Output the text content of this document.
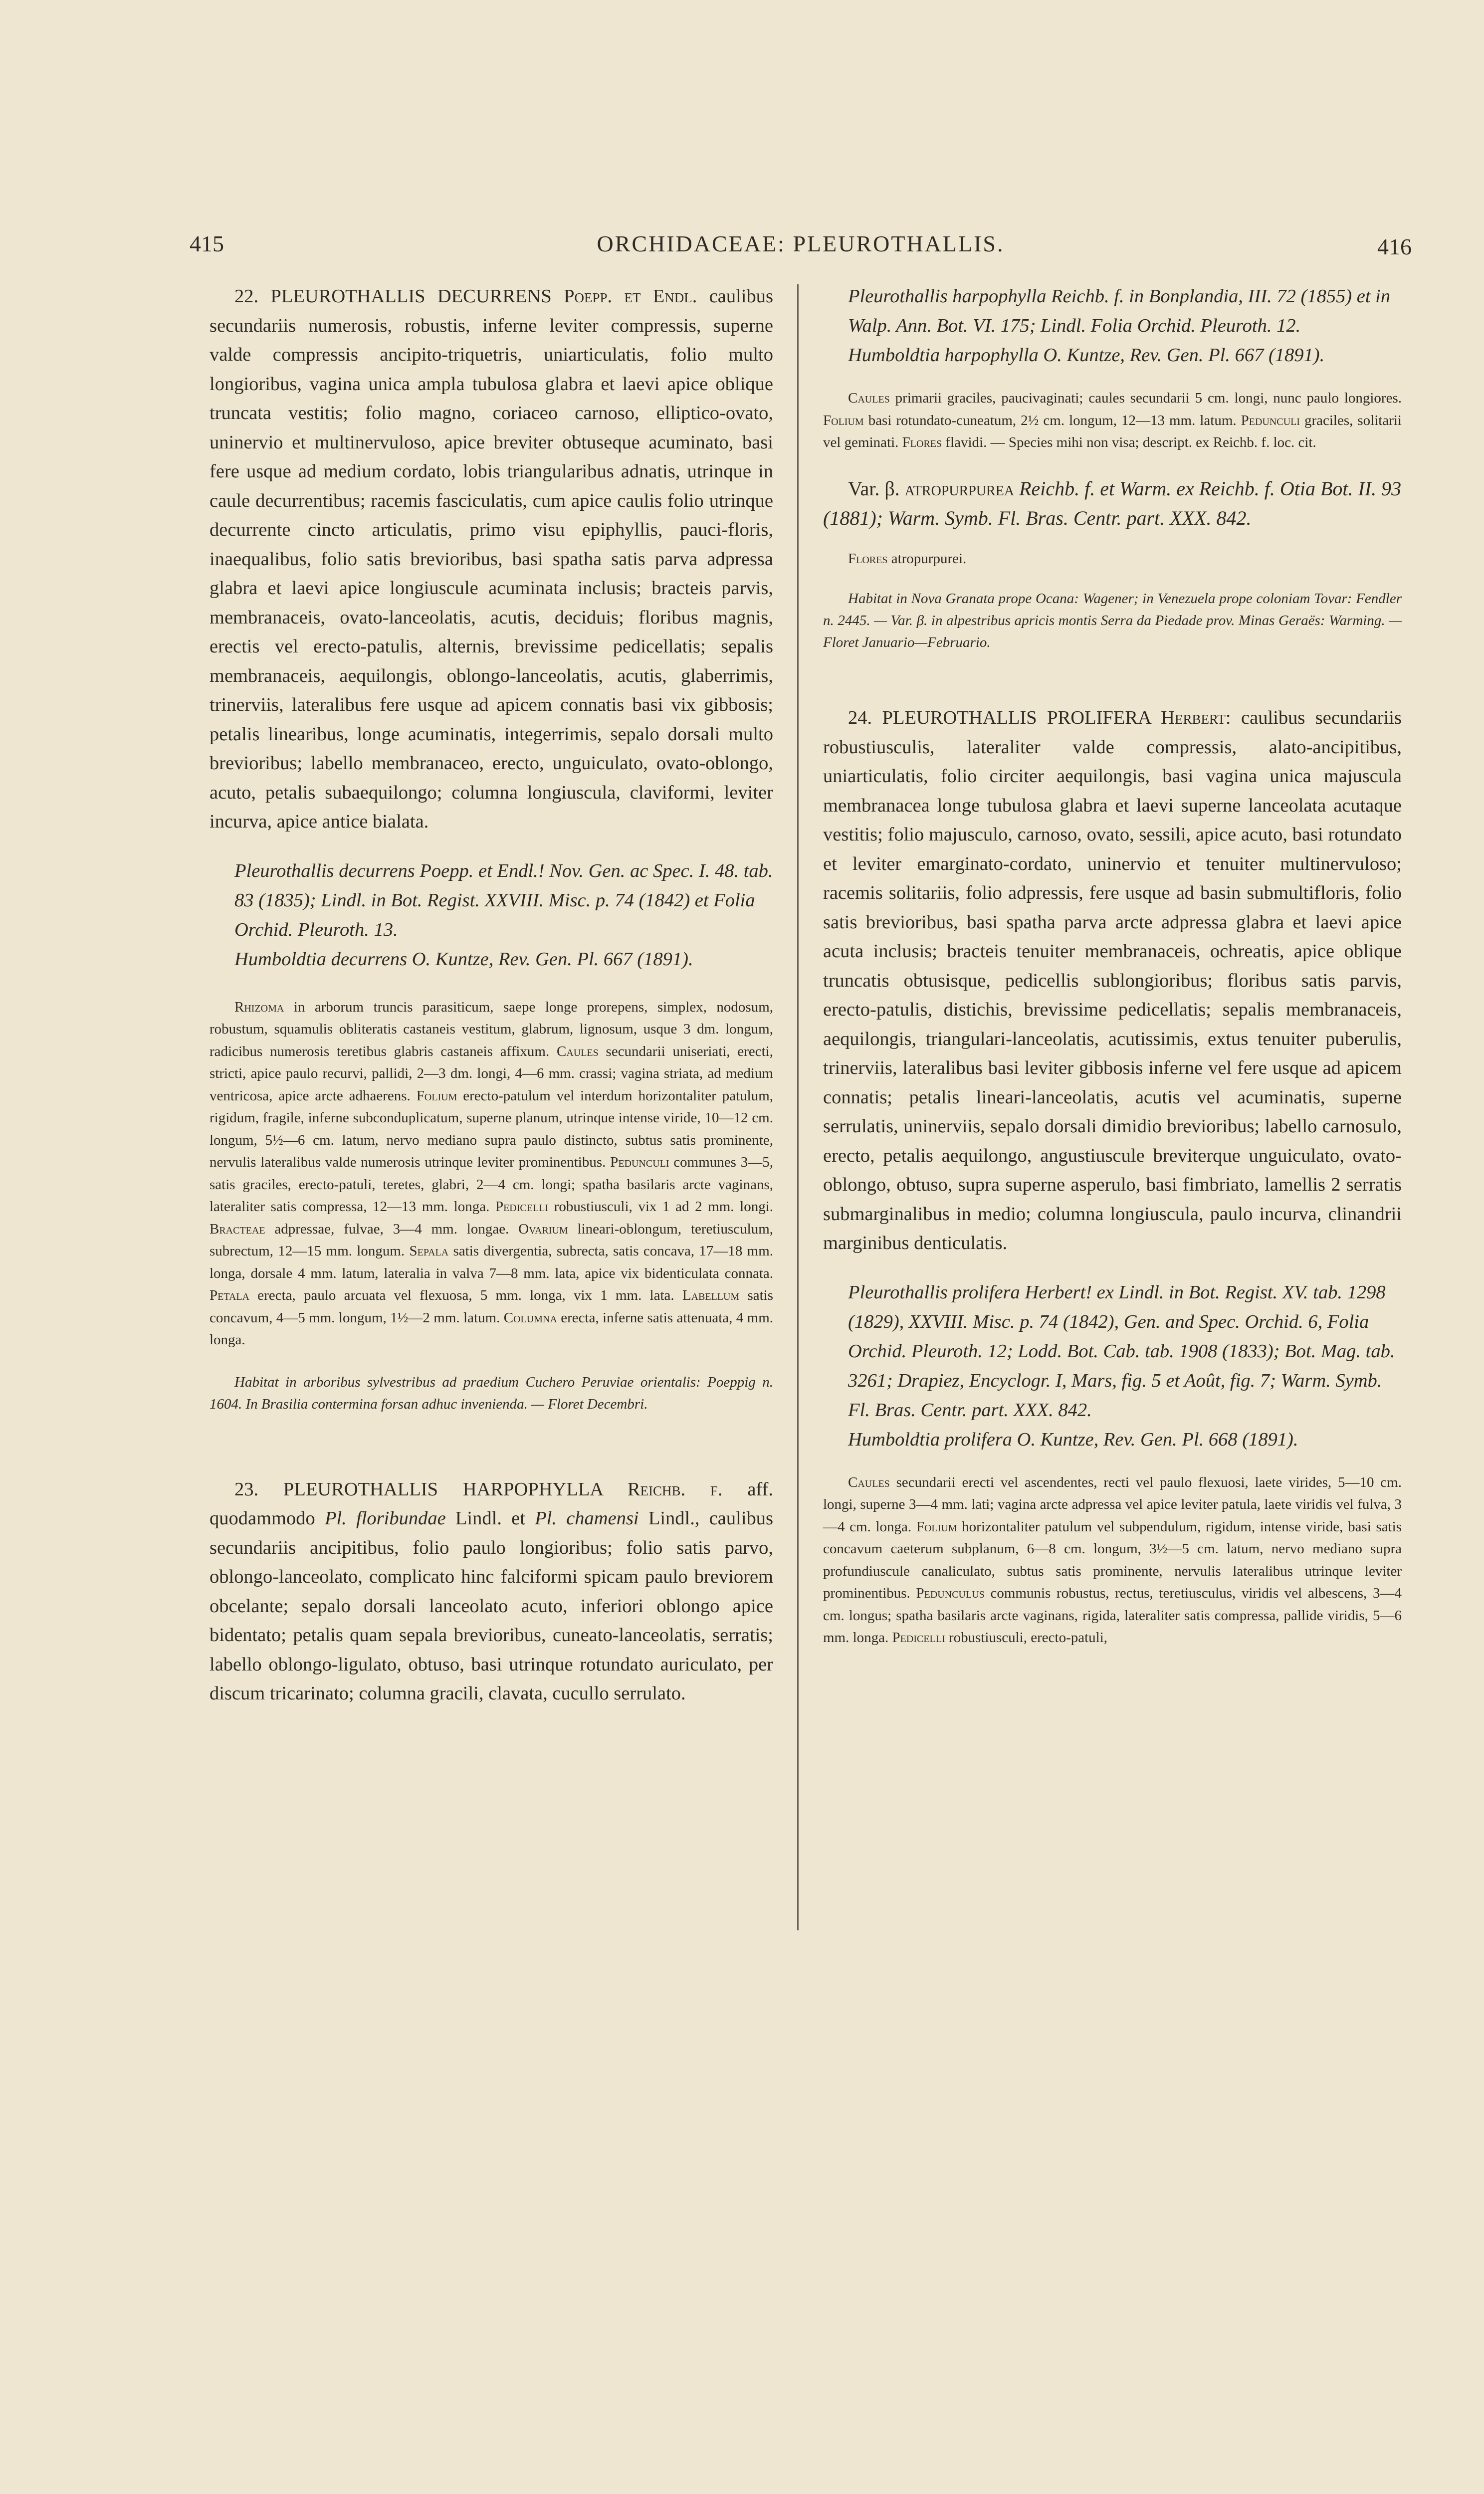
415	ORCHIDACEAE: PLEUROTHALLIS.	416

22. PLEUROTHALLIS DECURRENS Poepp. et Endl. caulibus secundariis numerosis, robustis, inferne leviter compressis, superne valde compressis ancipito-triquetris, uniarticulatis, folio multo longioribus, vagina unica ampla tubulosa glabra et laevi apice oblique truncata vestitis; folio magno, coriaceo carnoso, elliptico-ovato, uninervio et multinervuloso, apice breviter obtuseque acuminato, basi fere usque ad medium cordato, lobis triangularibus adnatis, utrinque in caule decurrentibus; racemis fasciculatis, cum apice caulis folio utrinque decurrente cincto articulatis, primo visu epiphyllis, pauci-floris, inaequalibus, folio satis brevioribus, basi spatha satis parva adpressa glabra et laevi apice longiuscule acuminata inclusis; bracteis parvis, membranaceis, ovato-lanceolatis, acutis, deciduis; floribus magnis, erectis vel erecto-patulis, alternis, brevissime pedicellatis; sepalis membranaceis, aequilongis, oblongo-lanceolatis, acutis, glaberrimis, trinerviis, lateralibus fere usque ad apicem connatis basi vix gibbosis; petalis linearibus, longe acuminatis, integerrimis, sepalo dorsali multo brevioribus; labello membranaceo, erecto, unguiculato, ovato-oblongo, acuto, petalis subaequilongo; columna longiuscula, claviformi, leviter incurva, apice antice bialata.

Pleurothallis decurrens Poepp. et Endl.! Nov. Gen. ac Spec. I. 48. tab. 83 (1835); Lindl. in Bot. Regist. XXVIII. Misc. p. 74 (1842) et Folia Orchid. Pleuroth. 13.

Humboldtia decurrens O. Kuntze, Rev. Gen. Pl. 667 (1891).

Rhizoma in arborum truncis parasiticum, saepe longe prorepens, simplex, nodosum, robustum, squamulis obliteratis castaneis vestitum, glabrum, lignosum, usque 3 dm. longum, radicibus numerosis teretibus glabris castaneis affixum. Caules secundarii uniseriati, erecti, stricti, apice paulo recurvi, pallidi, 2—3 dm. longi, 4—6 mm. crassi; vagina striata, ad medium ventricosa, apice arcte adhaerens. Folium erecto-patulum vel interdum horizontaliter patulum, rigidum, fragile, inferne subconduplicatum, superne planum, utrinque intense viride, 10—12 cm. longum, 5½—6 cm. latum, nervo mediano supra paulo distincto, subtus satis prominente, nervulis lateralibus valde numerosis utrinque leviter prominentibus. Pedunculi communes 3—5, satis graciles, erecto-patuli, teretes, glabri, 2—4 cm. longi; spatha basilaris arcte vaginans, lateraliter satis compressa, 12—13 mm. longa. Pedicelli robustiusculi, vix 1 ad 2 mm. longi. Bracteae adpressae, fulvae, 3—4 mm. longae. Ovarium lineari-oblongum, teretiusculum, subrectum, 12—15 mm. longum. Sepala satis divergentia, subrecta, satis concava, 17—18 mm. longa, dorsale 4 mm. latum, lateralia in valva 7—8 mm. lata, apice vix bidenticulata connata. Petala erecta, paulo arcuata vel flexuosa, 5 mm. longa, vix 1 mm. lata. Labellum satis concavum, 4—5 mm. longum, 1½—2 mm. latum. Columna erecta, inferne satis attenuata, 4 mm. longa.

Habitat in arboribus sylvestribus ad praedium Cuchero Peruviae orientalis: Poeppig n. 1604. In Brasilia contermina forsan adhuc invenienda. — Floret Decembri.

23. PLEUROTHALLIS HARPOPHYLLA Reichb. f. aff. quodammodo Pl. floribundae Lindl. et Pl. chamensi Lindl., caulibus secundariis ancipitibus, folio paulo longioribus; folio satis parvo, oblongo-lanceolato, complicato hinc falciformi spicam paulo breviorem obcelante; sepalo dorsali lanceolato acuto, inferiori oblongo apice bidentato; petalis quam sepala brevioribus, cuneato-lanceolatis, serratis; labello oblongo-ligulato, obtuso, basi utrinque rotundato auriculato, per discum tricarinato; columna gracili, clavata, cucullo serrulato.

Pleurothallis harpophylla Reichb. f. in Bonplandia, III. 72 (1855) et in Walp. Ann. Bot. VI. 175; Lindl. Folia Orchid. Pleuroth. 12.

Humboldtia harpophylla O. Kuntze, Rev. Gen. Pl. 667 (1891).

Caules primarii graciles, paucivaginati; caules secundarii 5 cm. longi, nunc paulo longiores. Folium basi rotundato-cuneatum, 2½ cm. longum, 12—13 mm. latum. Pedunculi graciles, solitarii vel geminati. Flores flavidi. — Species mihi non visa; descript. ex Reichb. f. loc. cit.

Var. β. atropurpurea Reichb. f. et Warm. ex Reichb. f. Otia Bot. II. 93 (1881); Warm. Symb. Fl. Bras. Centr. part. XXX. 842.

Flores atropurpurei.

Habitat in Nova Granata prope Ocana: Wagener; in Venezuela prope coloniam Tovar: Fendler n. 2445. — Var. β. in alpestribus apricis montis Serra da Piedade prov. Minas Geraës: Warming. — Floret Januario—Februario.

24. PLEUROTHALLIS PROLIFERA Herbert: caulibus secundariis robustiusculis, lateraliter valde compressis, alato-ancipitibus, uniarticulatis, folio circiter aequilongis, basi vagina unica majuscula membranacea longe tubulosa glabra et laevi superne lanceolata acutaque vestitis; folio majusculo, carnoso, ovato, sessili, apice acuto, basi rotundato et leviter emarginato-cordato, uninervio et tenuiter multinervuloso; racemis solitariis, folio adpressis, fere usque ad basin submultifloris, folio satis brevioribus, basi spatha parva arcte adpressa glabra et laevi apice acuta inclusis; bracteis tenuiter membranaceis, ochreatis, apice oblique truncatis obtusisque, pedicellis sublongioribus; floribus satis parvis, erecto-patulis, distichis, brevissime pedicellatis; sepalis membranaceis, aequilongis, triangulari-lanceolatis, acutissimis, extus tenuiter puberulis, trinerviis, lateralibus basi leviter gibbosis inferne vel fere usque ad apicem connatis; petalis lineari-lanceolatis, acutis vel acuminatis, superne serrulatis, uninerviis, sepalo dorsali dimidio brevioribus; labello carnosulo, erecto, petalis aequilongo, angustiuscule breviterque unguiculato, ovato-oblongo, obtuso, supra superne asperulo, basi fimbriato, lamellis 2 serratis submarginalibus in medio; columna longiuscula, paulo incurva, clinandrii marginibus denticulatis.

Pleurothallis prolifera Herbert! ex Lindl. in Bot. Regist. XV. tab. 1298 (1829), XXVIII. Misc. p. 74 (1842), Gen. and Spec. Orchid. 6, Folia Orchid. Pleuroth. 12; Lodd. Bot. Cab. tab. 1908 (1833); Bot. Mag. tab. 3261; Drapiez, Encyclogr. I, Mars, fig. 5 et Août, fig. 7; Warm. Symb. Fl. Bras. Centr. part. XXX. 842.

Humboldtia prolifera O. Kuntze, Rev. Gen. Pl. 668 (1891).

Caules secundarii erecti vel ascendentes, recti vel paulo flexuosi, laete virides, 5—10 cm. longi, superne 3—4 mm. lati; vagina arcte adpressa vel apice leviter patula, laete viridis vel fulva, 3—4 cm. longa. Folium horizontaliter patulum vel subpendulum, rigidum, intense viride, basi satis concavum caeterum subplanum, 6—8 cm. longum, 3½—5 cm. latum, nervo mediano supra profundiuscule canaliculato, subtus satis prominente, nervulis lateralibus utrinque leviter prominentibus. Pedunculus communis robustus, rectus, teretiusculus, viridis vel albescens, 3—4 cm. longus; spatha basilaris arcte vaginans, rigida, lateraliter satis compressa, pallide viridis, 5—6 mm. longa. Pedicelli robustiusculi, erecto-patuli,
